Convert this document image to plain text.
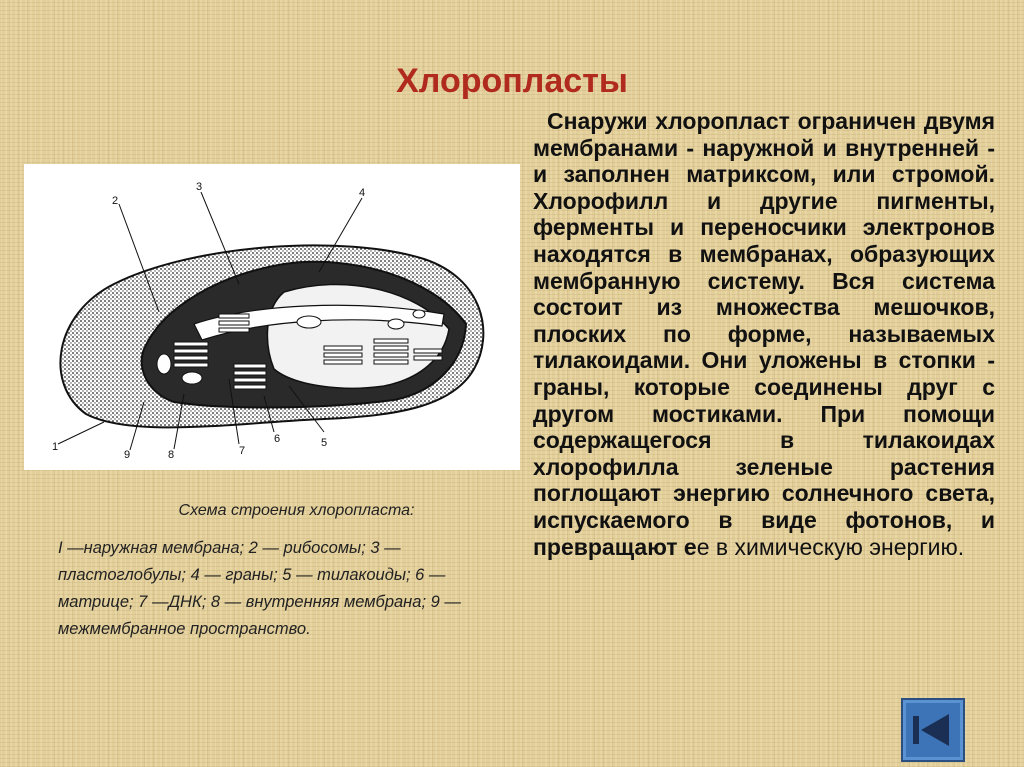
Хлоропласты
1
2
3	4
5
6
7
8
9
Схема строения хлоропласта:
I —наружная мембрана; 2 — рибосомы; 3 — пластоглобулы; 4 — граны; 5 — тилакоиды; 6 — матрице; 7 —ДНК; 8 — внутренняя мембрана; 9 —межмембранное пространство.
Снаружи хлоропласт ограничен двумя мембранами - наружной и внутренней - и заполнен матриксом, или стромой. Хлорофилл и другие пигменты, ферменты и переносчики электронов находятся в мембранах, образующих мембранную систему. Вся система состоит из множества мешочков, плоских по форме, называемых тилакоидами. Они уложены в стопки - граны, которые соединены друг с другом мостиками. При помощи содержащегося в тилакоидах хлорофилла зеленые растения поглощают энергию солнечного света, испускаемого в виде фотонов, и превращают ее в химическую энергию.
